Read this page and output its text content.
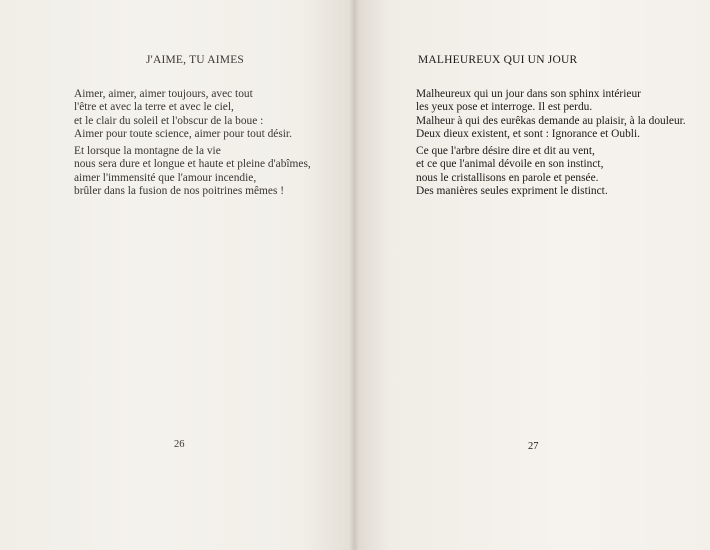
J'AIME, TU AIMES
Aimer, aimer, aimer toujours, avec tout
l'être et avec la terre et avec le ciel,
et le clair du soleil et l'obscur de la boue :
Aimer pour toute science, aimer pour tout désir.
Et lorsque la montagne de la vie
nous sera dure et longue et haute et pleine d'abîmes,
aimer l'immensité que l'amour incendie,
brûler dans la fusion de nos poitrines mêmes !
26
MALHEUREUX QUI UN JOUR
Malheureux qui un jour dans son sphinx intérieur
les yeux pose et interroge. Il est perdu.
Malheur à qui des eurêkas demande au plaisir, à la douleur.
Deux dieux existent, et sont : Ignorance et Oubli.
Ce que l'arbre désire dire et dit au vent,
et ce que l'animal dévoile en son instinct,
nous le cristallisons en parole et pensée.
Des manières seules expriment le distinct.
27
